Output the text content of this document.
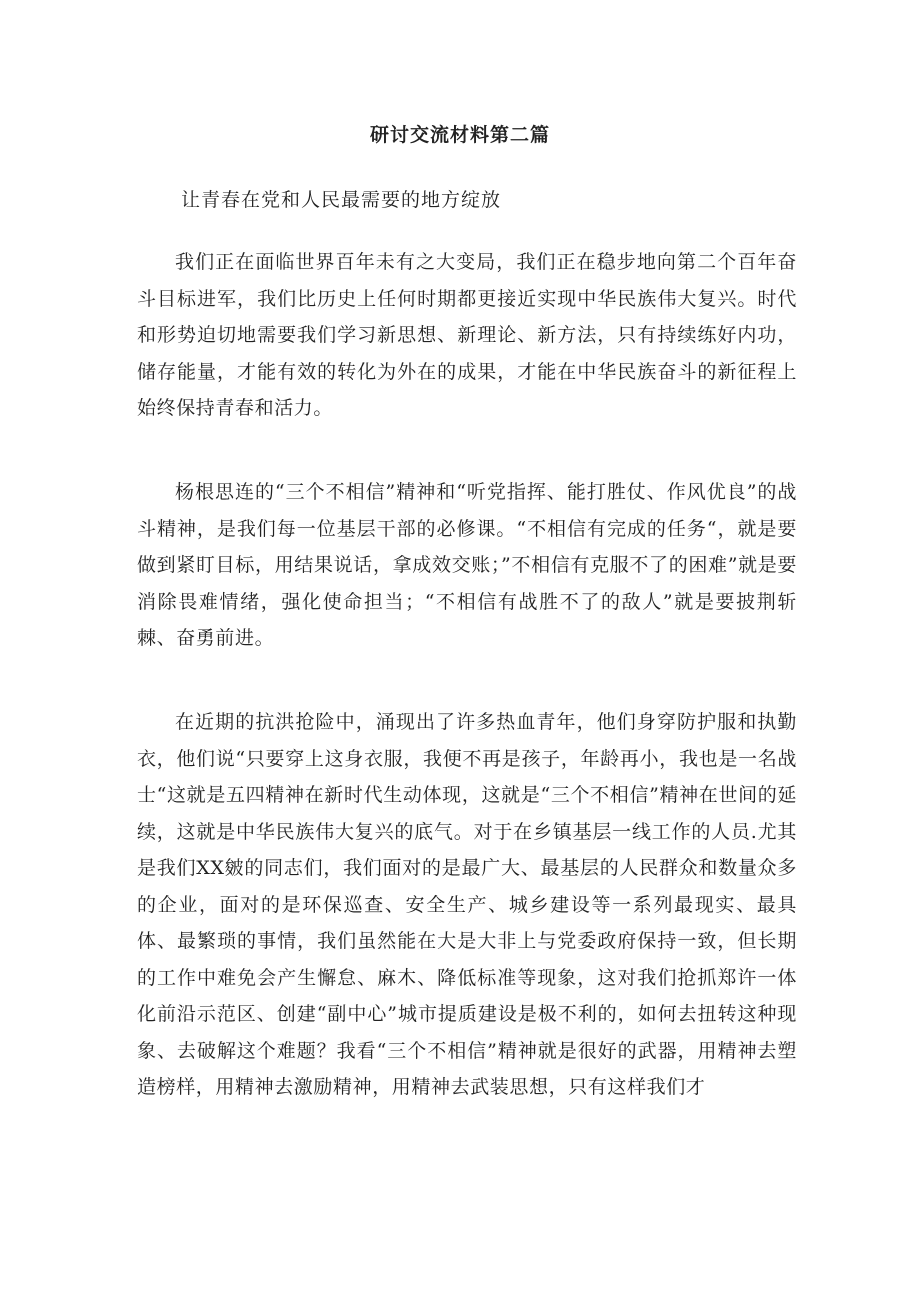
研讨交流材料第二篇
让青春在党和人民最需要的地方绽放

我们正在面临世界百年未有之大变局，我们正在稳步地向第二个百年奋斗目标进军，我们比历史上任何时期都更接近实现中华民族伟大复兴。时代和形势迫切地需要我们学习新思想、新理论、新方法，只有持续练好内功，储存能量，才能有效的转化为外在的成果，才能在中华民族奋斗的新征程上始终保持青春和活力。

杨根思连的“三个不相信”精神和“听党指挥、能打胜仗、作风优良”的战斗精神，是我们每一位基层干部的必修课。“不相信有完成的任务“，就是要做到紧盯目标，用结果说话，拿成效交账；”不相信有克服不了的困难”就是要消除畏难情绪，强化使命担当；“不相信有战胜不了的敌人”就是要披荆斩棘、奋勇前进。

在近期的抗洪抢险中，涌现出了许多热血青年，他们身穿防护服和执勤衣，他们说“只要穿上这身衣服，我便不再是孩子，年龄再小，我也是一名战士“这就是五四精神在新时代生动体现，这就是“三个不相信”精神在世间的延续，这就是中华民族伟大复兴的底气。对于在乡镇基层一线工作的人员.尤其是我们XX皴的同志们，我们面对的是最广大、最基层的人民群众和数量众多的企业，面对的是环保巡查、安全生产、城乡建设等一系列最现实、最具体、最繁琐的事情，我们虽然能在大是大非上与党委政府保持一致，但长期的工作中难免会产生懈怠、麻木、降低标准等现象，这对我们抢抓郑许一体化前沿示范区、创建“副中心”城市提质建设是极不利的，如何去扭转这种现象、去破解这个难题？我看“三个不相信”精神就是很好的武器，用精神去塑造榜样，用精神去激励精神，用精神去武装思想，只有这样我们才
